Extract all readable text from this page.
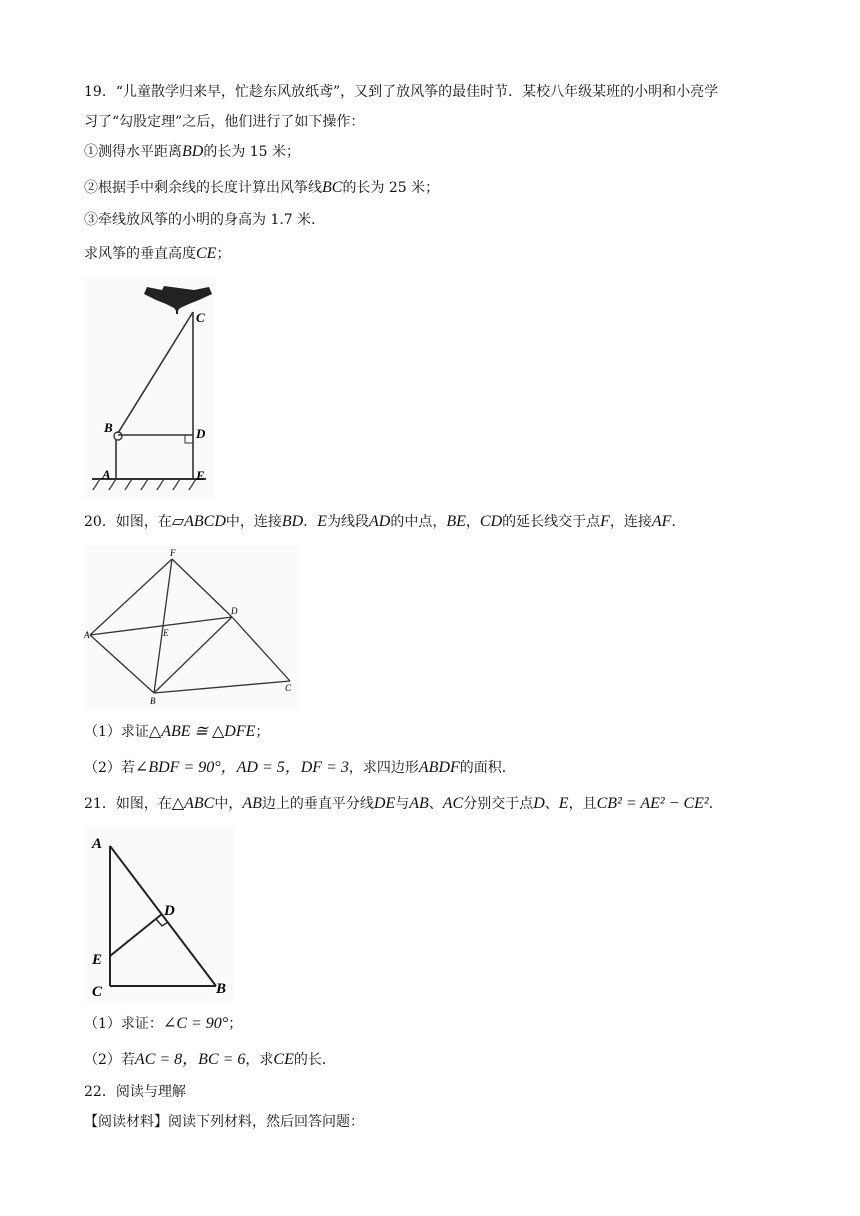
19．“儿童散学归来早，忙趁东风放纸鸢”，又到了放风筝的最佳时节．某校八年级某班的小明和小亮学
习了“勾股定理”之后，他们进行了如下操作：
①测得水平距离BD的长为 15 米；
②根据手中剩余线的长度计算出风筝线BC的长为 25 米；
③牵线放风筝的小明的身高为 1.7 米．
求风筝的垂直高度CE；
C
B	D
A	E
20．如图，在▱ABCD中，连接BD．E为线段AD的中点，BE，CD的延长线交于点F，连接AF．
F
D
A	E
B
C
（1）求证△ABE ≅ △DFE；
（2）若∠BDF = 90°，AD = 5，DF = 3，求四边形ABDF的面积．
21．如图，在△ABC中，AB边上的垂直平分线DE与AB、AC分别交于点D、E，且CB² = AE² − CE²．
A
D
E
C	B
（1）求证：∠C = 90°；
（2）若AC = 8，BC = 6，求CE的长．
22．阅读与理解
【阅读材料】阅读下列材料，然后回答问题：
